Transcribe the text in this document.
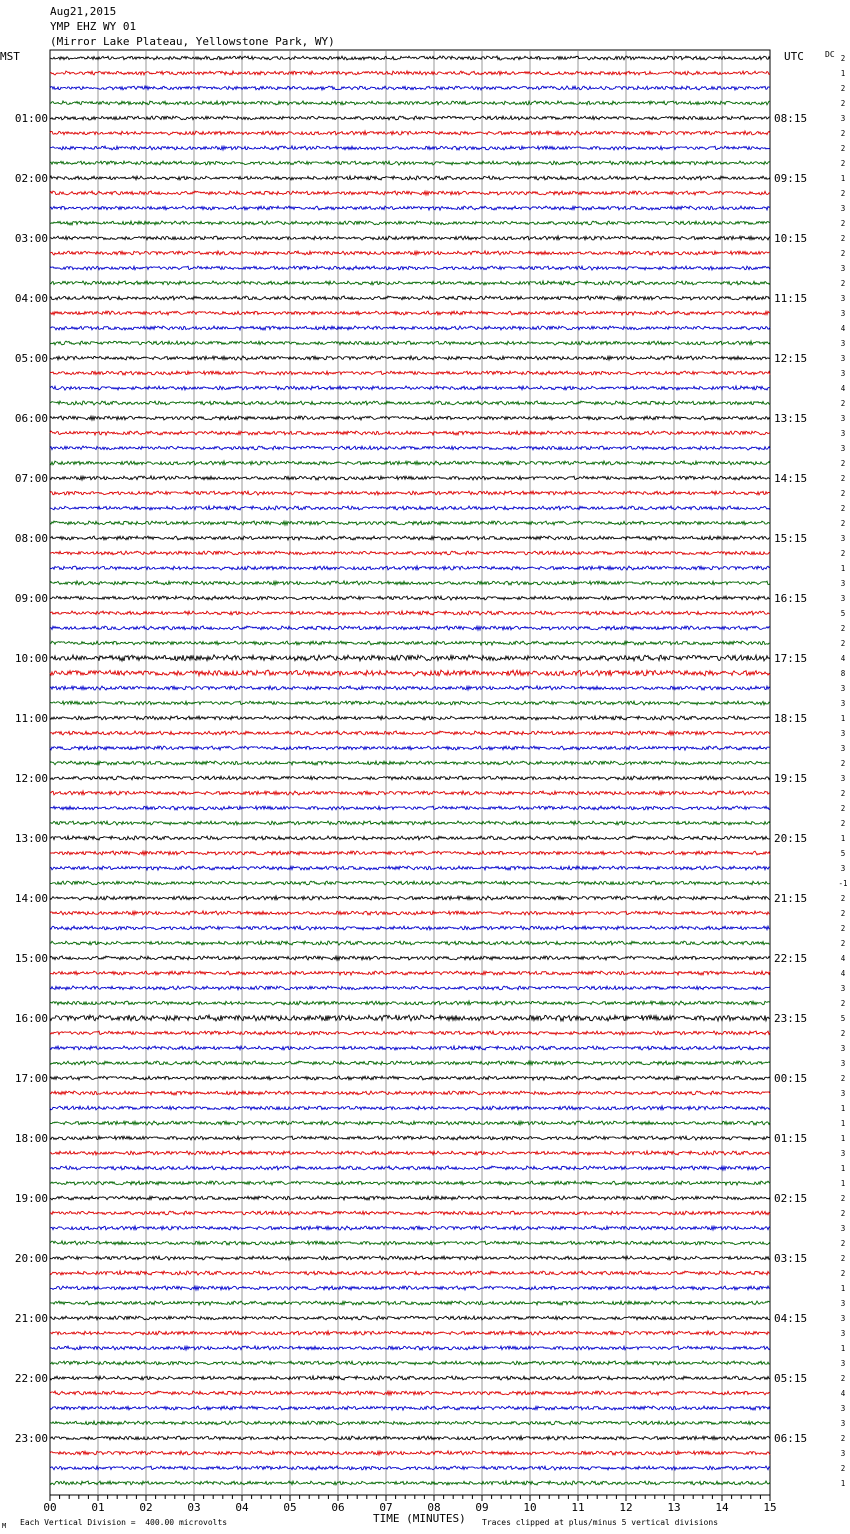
2
1
2
2
3
2
2
2
1
2
3
2
2
2
3
2
3
3
4
3
3
3
4
2
3
3
3
2
2
2
2
2
3
2
1
3
3
5
2
2
4
8
3
3
1
3
3
2
3
2
2
2
1
5
3
-1
2
2
2
2
4
4
3
2
5
2
3
3
2
3
1
1
1
3
1
1
2
2
3
2
2
2
1
3
3
3
1
3
2
4
3
3
2
3
2
1
01:00	08:15
02:00	09:15
03:00	10:15
04:00	11:15
05:00	12:15
06:00	13:15
07:00	14:15
08:00	15:15
09:00	16:15
10:00	17:15
11:00	18:15
12:00	19:15
13:00	20:15
14:00	21:15
15:00	22:15
16:00	23:15
17:00	00:15
18:00	01:15
19:00	02:15
20:00	03:15
21:00	04:15
22:00	05:15
23:00	06:15
00	01	02	03	04	05	06	07	08	09	10	11	12	13	14	15
Aug21,2015
YMP EHZ WY 01
(Mirror Lake Plateau, Yellowstone Park, WY)
MST	UTC	DC
M Each Vertical Division =  400.00 microvolts	TIME (MINUTES) Traces clipped at plus/minus 5 vertical divisions
